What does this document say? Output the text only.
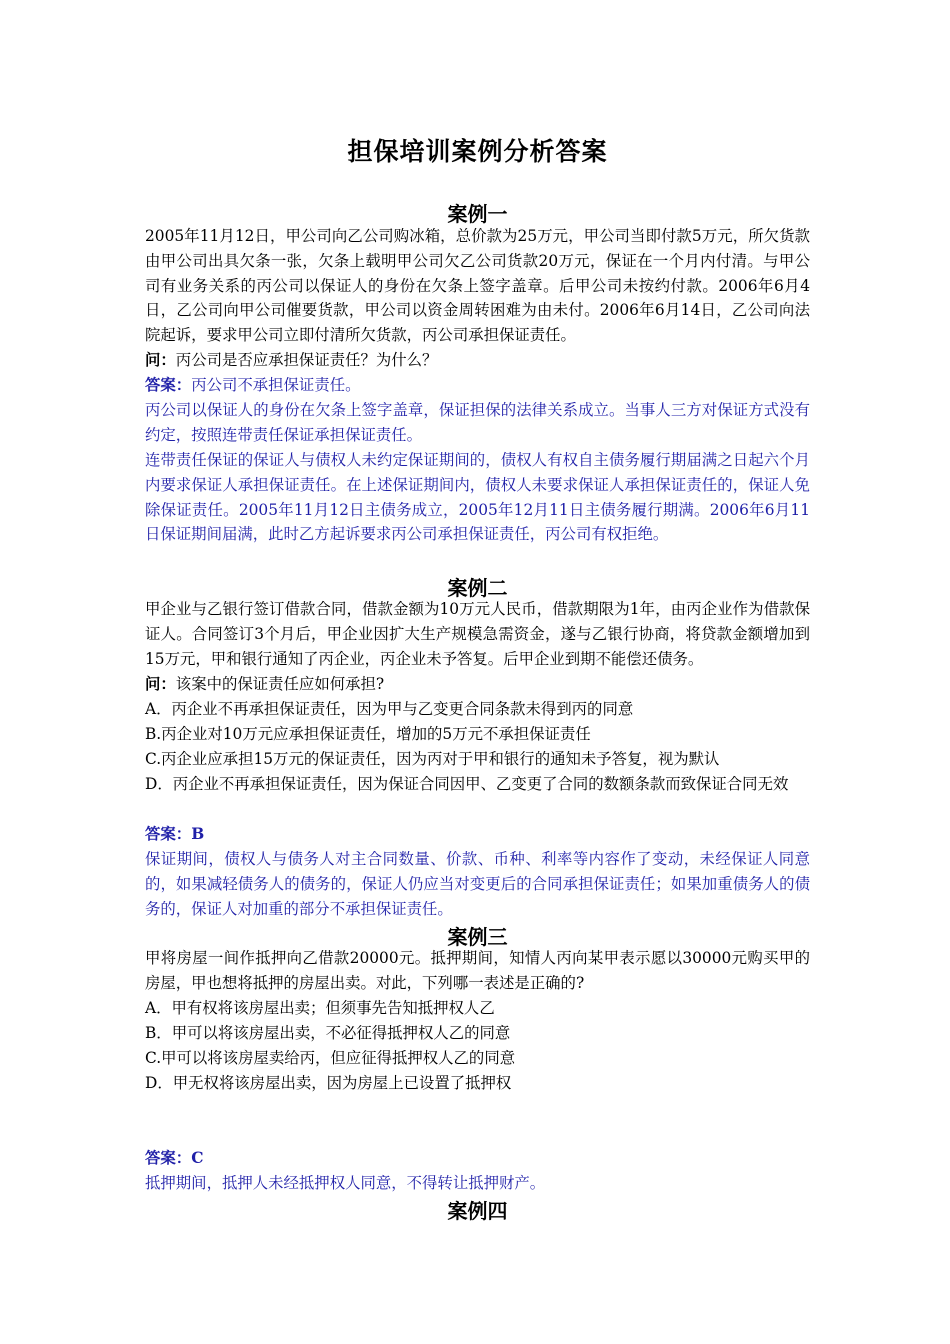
担保培训案例分析答案
案例一

2005年11月12日，甲公司向乙公司购冰箱，总价款为25万元，甲公司当即付款5万元，所欠货款由甲公司出具欠条一张，欠条上载明甲公司欠乙公司货款20万元，保证在一个月内付清。与甲公司有业务关系的丙公司以保证人的身份在欠条上签字盖章。后甲公司未按约付款。2006年6月4日，乙公司向甲公司催要货款，甲公司以资金周转困难为由未付。2006年6月14日，乙公司向法院起诉，要求甲公司立即付清所欠货款，丙公司承担保证责任。

问：丙公司是否应承担保证责任？为什么？

答案：丙公司不承担保证责任。

丙公司以保证人的身份在欠条上签字盖章，保证担保的法律关系成立。当事人三方对保证方式没有约定，按照连带责任保证承担保证责任。

连带责任保证的保证人与债权人未约定保证期间的，债权人有权自主债务履行期届满之日起六个月内要求保证人承担保证责任。在上述保证期间内，债权人未要求保证人承担保证责任的，保证人免除保证责任。2005年11月12日主债务成立，2005年12月11日主债务履行期满。2006年6月11日保证期间届满，此时乙方起诉要求丙公司承担保证责任，丙公司有权拒绝。

案例二

甲企业与乙银行签订借款合同，借款金额为10万元人民币，借款期限为1年，由丙企业作为借款保证人。合同签订3个月后，甲企业因扩大生产规模急需资金，遂与乙银行协商，将贷款金额增加到15万元，甲和银行通知了丙企业，丙企业未予答复。后甲企业到期不能偿还债务。

问：该案中的保证责任应如何承担?

A．丙企业不再承担保证责任，因为甲与乙变更合同条款未得到丙的同意

B.丙企业对10万元应承担保证责任，增加的5万元不承担保证责任

C.丙企业应承担15万元的保证责任，因为丙对于甲和银行的通知未予答复，视为默认

D．丙企业不再承担保证责任，因为保证合同因甲、乙变更了合同的数额条款而致保证合同无效

答案：B

保证期间，债权人与债务人对主合同数量、价款、币种、利率等内容作了变动，未经保证人同意的，如果减轻债务人的债务的，保证人仍应当对变更后的合同承担保证责任；如果加重债务人的债务的，保证人对加重的部分不承担保证责任。

案例三

甲将房屋一间作抵押向乙借款20000元。抵押期间，知情人丙向某甲表示愿以30000元购买甲的房屋，甲也想将抵押的房屋出卖。对此，下列哪一表述是正确的?

A．甲有权将该房屋出卖；但须事先告知抵押权人乙

B．甲可以将该房屋出卖，不必征得抵押权人乙的同意

C.甲可以将该房屋卖给丙，但应征得抵押权人乙的同意

D．甲无权将该房屋出卖，因为房屋上已设置了抵押权

答案：C

抵押期间，抵押人未经抵押权人同意，不得转让抵押财产。

案例四
